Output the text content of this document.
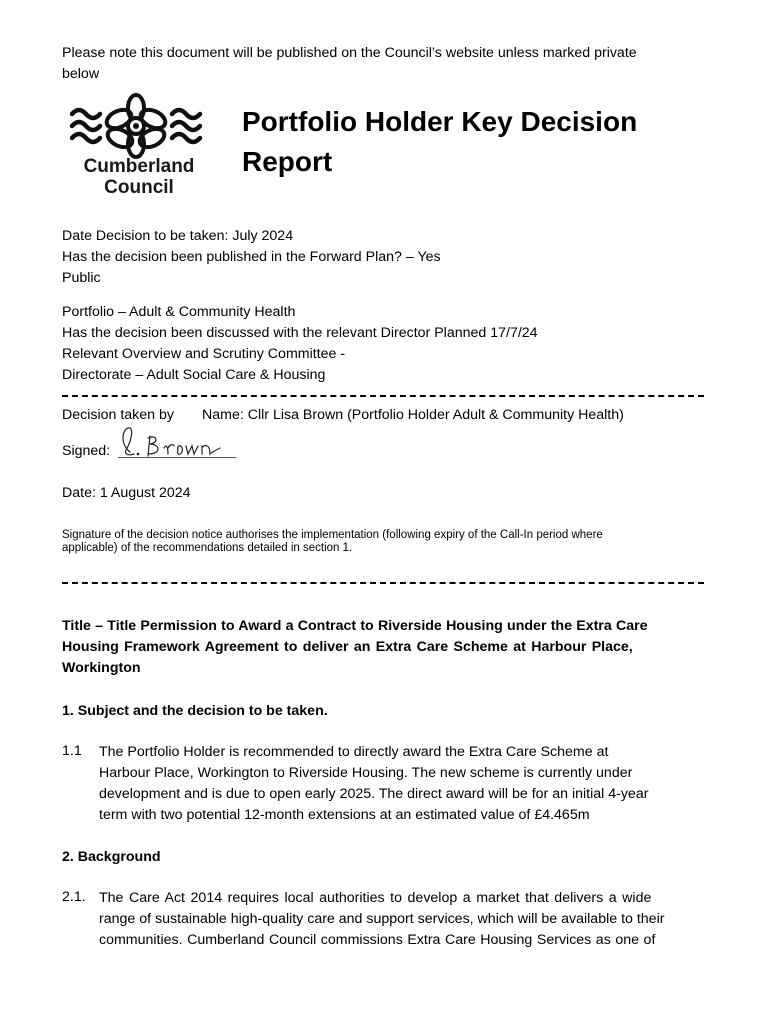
Please note this document will be published on the Council’s website unless marked private
below
Cumberland
Council
Portfolio Holder Key Decision
Report
Date Decision to be taken: July 2024
Has the decision been published in the Forward Plan? – Yes
Public
Portfolio – Adult & Community Health
Has the decision been discussed with the relevant Director Planned 17/7/24
Relevant Overview and Scrutiny Committee -
Directorate – Adult Social Care & Housing
Decision taken by Name: Cllr Lisa Brown (Portfolio Holder Adult & Community Health)
Signed:
Date: 1 August 2024
Signature of the decision notice authorises the implementation (following expiry of the Call-In period where
applicable) of the recommendations detailed in section 1.
Title – Title Permission to Award a Contract to Riverside Housing under the Extra Care
Housing Framework Agreement to deliver an Extra Care Scheme at Harbour Place,
Workington
1. Subject and the decision to be taken.
1.1 The Portfolio Holder is recommended to directly award the Extra Care Scheme at
Harbour Place, Workington to Riverside Housing. The new scheme is currently under
development and is due to open early 2025. The direct award will be for an initial 4-year
term with two potential 12-month extensions at an estimated value of £4.465m
2. Background
2.1. The Care Act 2014 requires local authorities to develop a market that delivers a wide
range of sustainable high-quality care and support services, which will be available to their
communities. Cumberland Council commissions Extra Care Housing Services as one of
